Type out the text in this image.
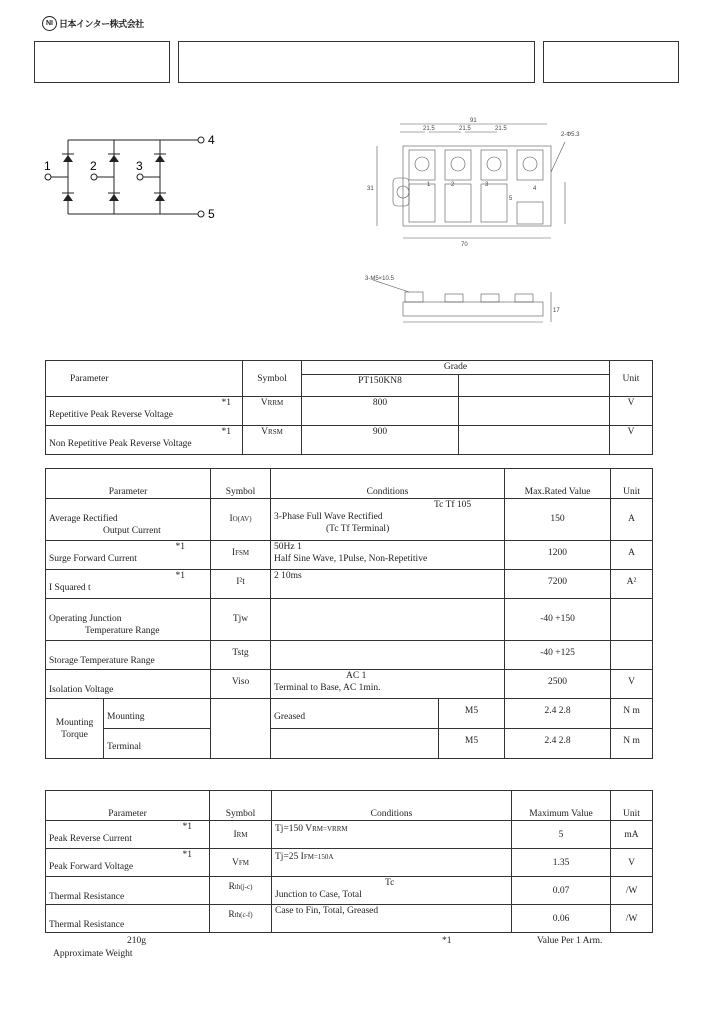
NI 日本インター株式会社
1	2	3
4
5
91
21.5	21.5	21.5
2-Φ5.3
70
31
1	2	3
4
5
3-M5×10.5
17
Parameter	Symbol	Grade		Unit
		PT150KN8		

*1
Repetitive Peak Reverse Voltage	VRRM	800		V

*1
Non Repetitive Peak Reverse Voltage	VRSM	900		V
Parameter		Symbol	Conditions		Max.Rated Value	Unit

Average Rectified
Output Current		IO(AV)	Tc Tf 105
3-Phase Full Wave Rectified
(Tc Tf Terminal)		150	A

*1
Surge Forward Current		IFSM	50Hz 1
Half Sine Wave, 1Pulse, Non-Repetitive		1200	A

*1
I Squared t		I²t	2 10ms		7200	A²

Operating Junction
Temperature Range		Tjw			-40 +150	
Storage Temperature Range		Tstg			-40 +125	
Isolation Voltage		Viso	AC 1
Terminal to Base, AC 1min.		2500	V

Mounting
Torque	Mounting		Greased	M5	2.4 2.8	N m
	Terminal			M5	2.4 2.8	N m
Parameter	Symbol	Conditions	Maximum Value	Unit

*1
Peak Reverse Current	IRM	Tj=150 VRM=VRRM	5	mA

*1
Peak Forward Voltage	VFM	Tj=25 IFM=150A	1.35	V
Thermal Resistance	Rth(j-c)	Tc
Junction to Case, Total	0.07	/W
Thermal Resistance	Rth(c-f)	Case to Fin, Total, Greased	0.06	/W
210g
Approximate Weight
*1	Value Per 1 Arm.
